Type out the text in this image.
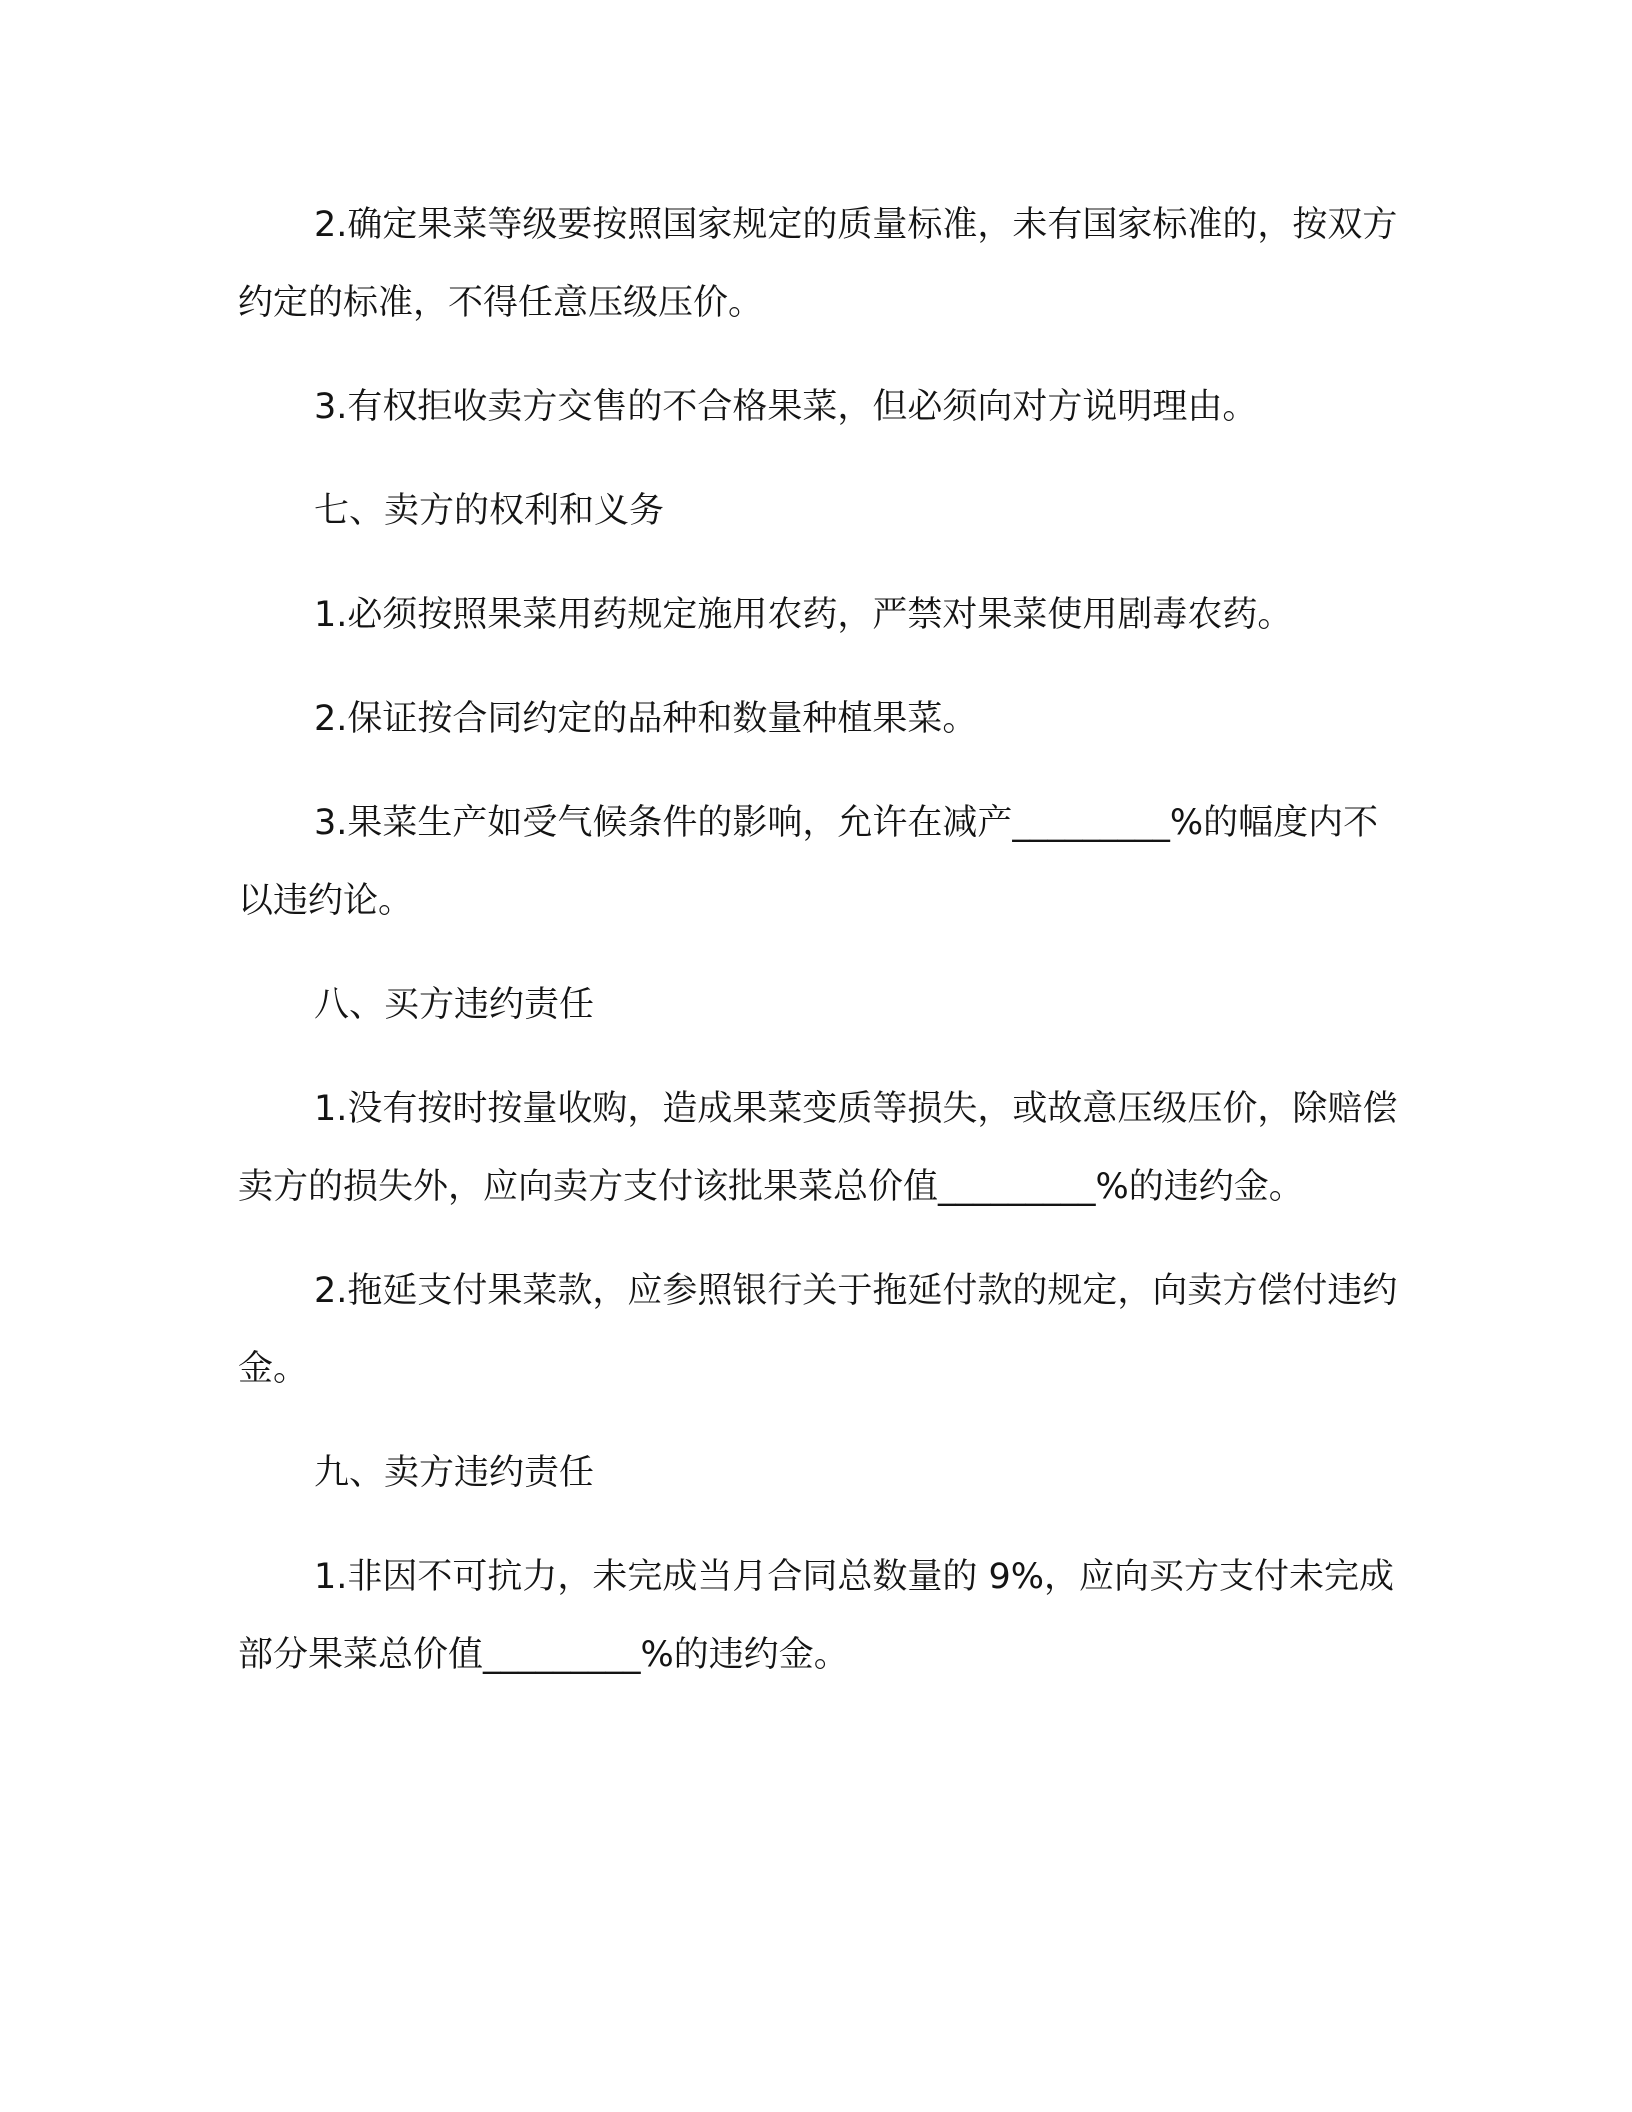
2.确定果菜等级要按照国家规定的质量标准，未有国家标准的，按双方约定的标准，不得任意压级压价。

3.有权拒收卖方交售的不合格果菜，但必须向对方说明理由。

七、卖方的权利和义务

1.必须按照果菜用药规定施用农药，严禁对果菜使用剧毒农药。

2.保证按合同约定的品种和数量种植果菜。

3.果菜生产如受气候条件的影响，允许在减产_________%的幅度内不以违约论。

八、买方违约责任

1.没有按时按量收购，造成果菜变质等损失，或故意压级压价，除赔偿卖方的损失外，应向卖方支付该批果菜总价值_________%的违约金。

2.拖延支付果菜款，应参照银行关于拖延付款的规定，向卖方偿付违约金。

九、卖方违约责任

1.非因不可抗力，未完成当月合同总数量的 9%，应向买方支付未完成部分果菜总价值_________%的违约金。
